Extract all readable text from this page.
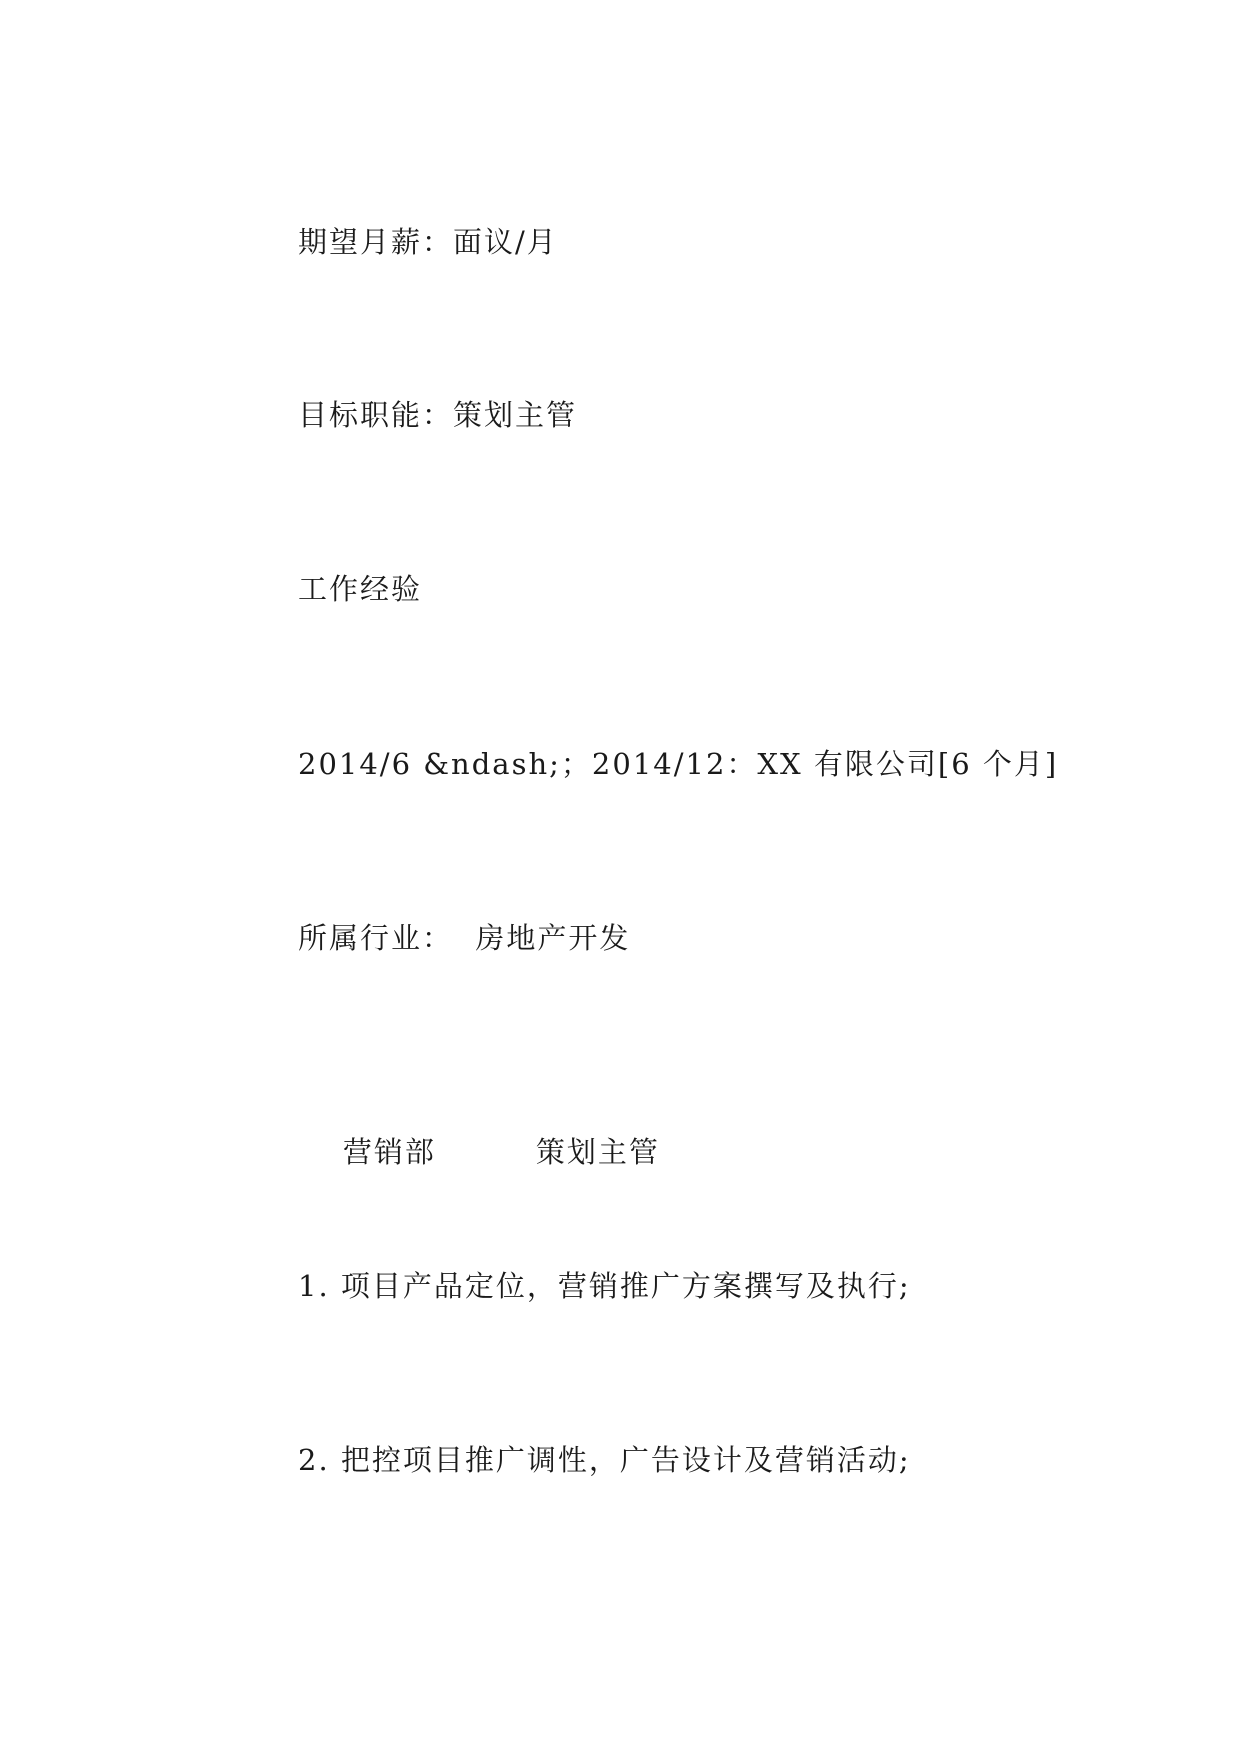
期望月薪：面议/月
目标职能：策划主管
工作经验
2014/6 &ndash;；2014/12：XX 有限公司[6 个月]
所属行业：  房地产开发

营销部	策划主管

1. 项目产品定位，营销推广方案撰写及执行;
2. 把控项目推广调性，广告设计及营销活动;
